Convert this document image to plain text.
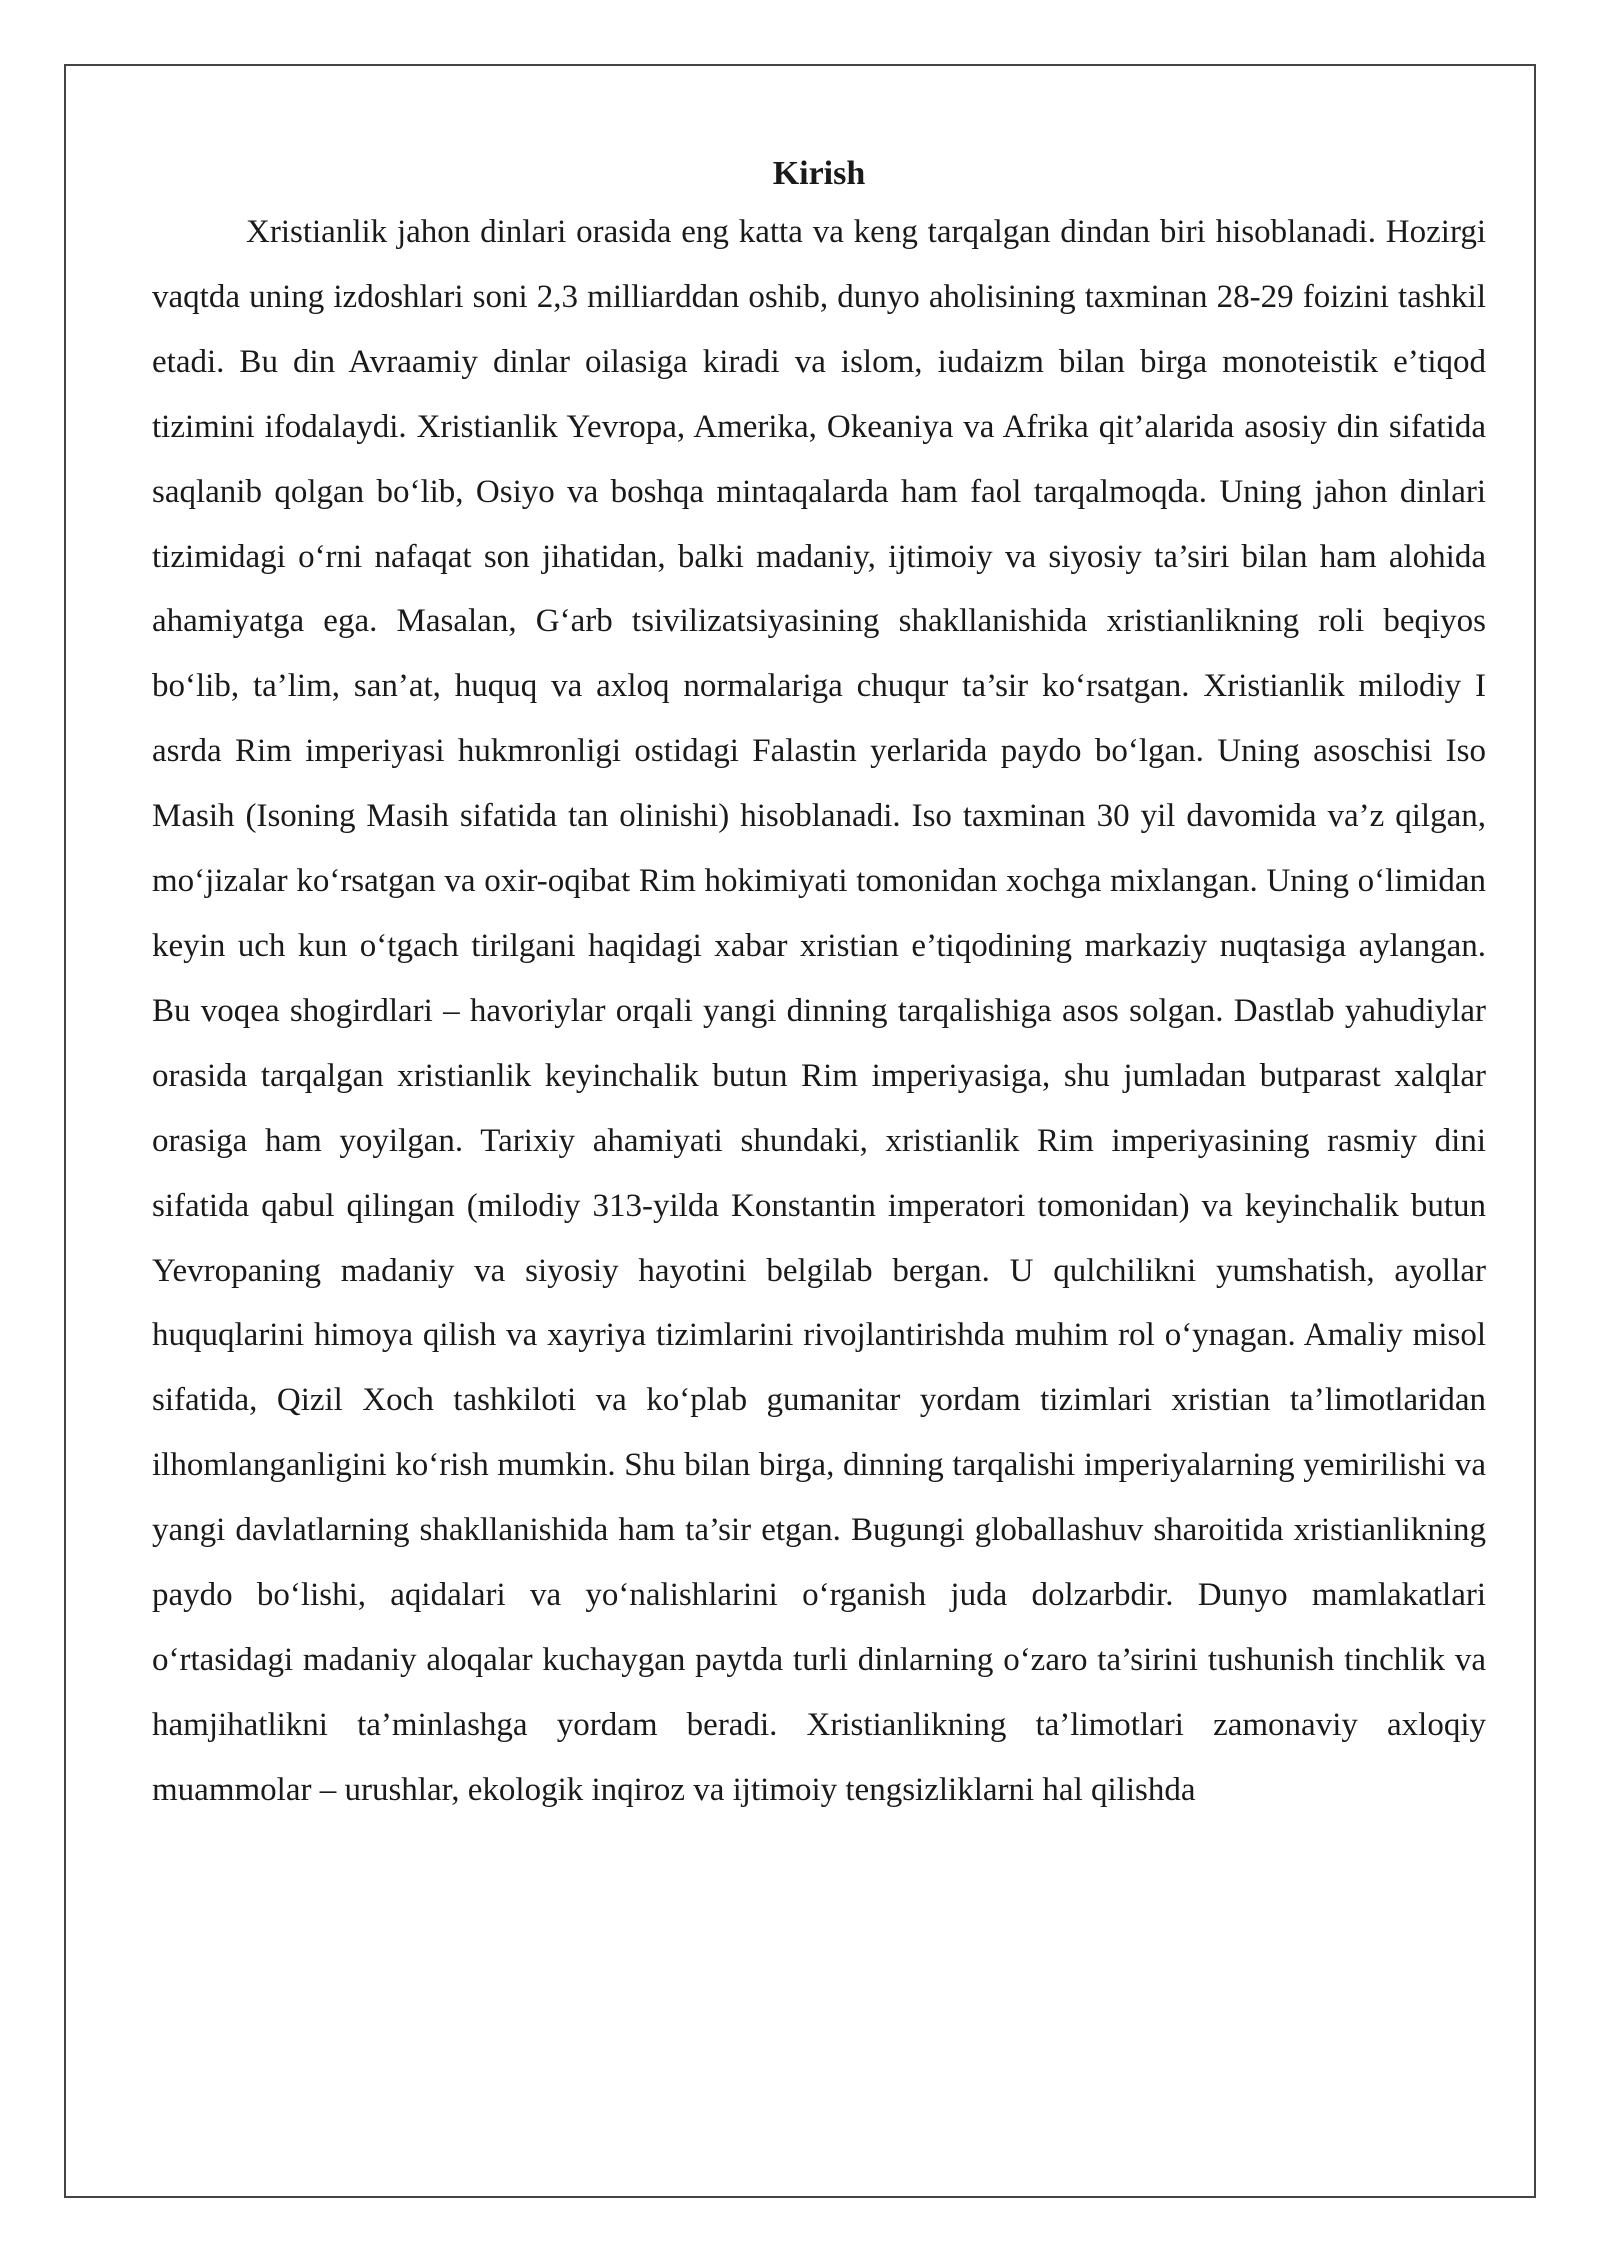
Kirish

Xristianlik jahon dinlari orasida eng katta va keng tarqalgan dindan biri hisoblanadi. Hozirgi vaqtda uning izdoshlari soni 2,3 milliarddan oshib, dunyo aholisining taxminan 28-29 foizini tashkil etadi. Bu din Avraamiy dinlar oilasiga kiradi va islom, iudaizm bilan birga monoteistik e’tiqod tizimini ifodalaydi. Xristianlik Yevropa, Amerika, Okeaniya va Afrika qit’alarida asosiy din sifatida saqlanib qolgan bo‘lib, Osiyo va boshqa mintaqalarda ham faol tarqalmoqda. Uning jahon dinlari tizimidagi o‘rni nafaqat son jihatidan, balki madaniy, ijtimoiy va siyosiy ta’siri bilan ham alohida ahamiyatga ega. Masalan, G‘arb tsivilizatsiyasining shakllanishida xristianlikning roli beqiyos bo‘lib, ta’lim, san’at, huquq va axloq normalariga chuqur ta’sir ko‘rsatgan. Xristianlik milodiy I asrda Rim imperiyasi hukmronligi ostidagi Falastin yerlarida paydo bo‘lgan. Uning asoschisi Iso Masih (Isoning Masih sifatida tan olinishi) hisoblanadi. Iso taxminan 30 yil davomida va’z qilgan, mo‘jizalar ko‘rsatgan va oxir-oqibat Rim hokimiyati tomonidan xochga mixlangan. Uning o‘limidan keyin uch kun o‘tgach tirilgani haqidagi xabar xristian e’tiqodining markaziy nuqtasiga aylangan. Bu voqea shogirdlari – havoriylar orqali yangi dinning tarqalishiga asos solgan. Dastlab yahudiylar orasida tarqalgan xristianlik keyinchalik butun Rim imperiyasiga, shu jumladan butparast xalqlar orasiga ham yoyilgan. Tarixiy ahamiyati shundaki, xristianlik Rim imperiyasining rasmiy dini sifatida qabul qilingan (milodiy 313-yilda Konstantin imperatori tomonidan) va keyinchalik butun Yevropaning madaniy va siyosiy hayotini belgilab bergan. U qulchilikni yumshatish, ayollar huquqlarini himoya qilish va xayriya tizimlarini rivojlantirishda muhim rol o‘ynagan. Amaliy misol sifatida, Qizil Xoch tashkiloti va ko‘plab gumanitar yordam tizimlari xristian ta’limotlaridan ilhomlanganligini ko‘rish mumkin. Shu bilan birga, dinning tarqalishi imperiyalarning yemirilishi va yangi davlatlarning shakllanishida ham ta’sir etgan. Bugungi globallashuv sharoitida xristianlikning paydo bo‘lishi, aqidalari va yo‘nalishlarini o‘rganish juda dolzarbdir. Dunyo mamlakatlari o‘rtasidagi madaniy aloqalar kuchaygan paytda turli dinlarning o‘zaro ta’sirini tushunish tinchlik va hamjihatlikni ta’minlashga yordam beradi. Xristianlikning ta’limotlari zamonaviy axloqiy muammolar – urushlar, ekologik inqiroz va ijtimoiy tengsizliklarni hal qilishda
